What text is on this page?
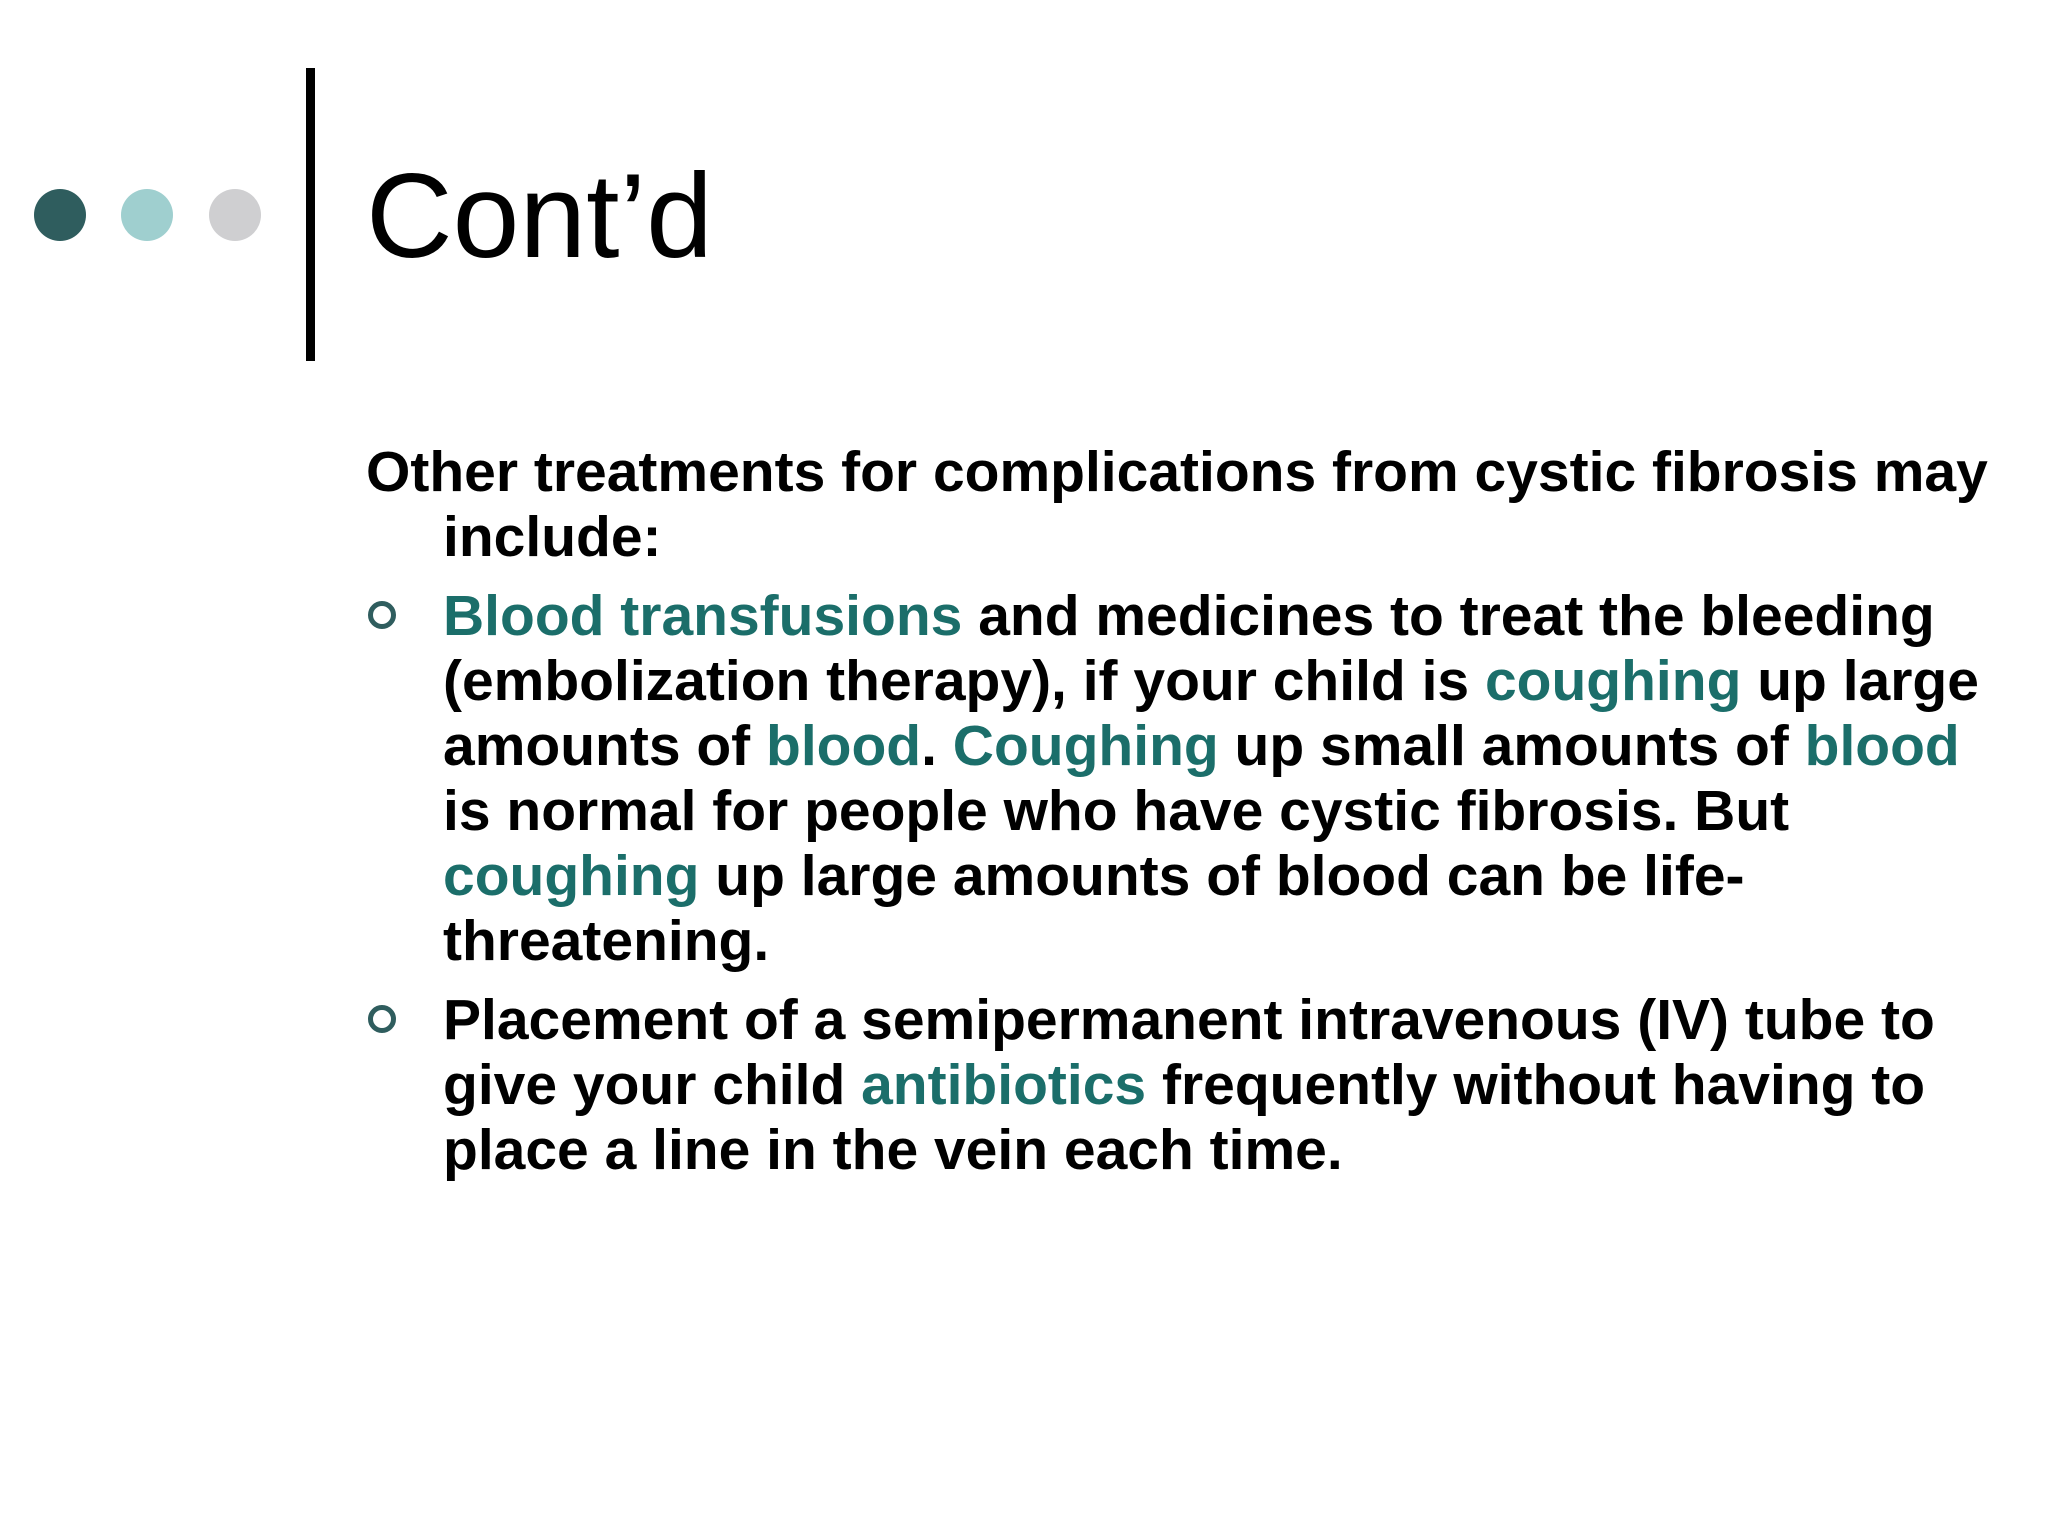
Cont’d

Other treatments for complications from cystic fibrosis may include:

Blood transfusions and medicines to treat the bleeding (embolization therapy), if your child is coughing up large amounts of blood. Coughing up small amounts of blood is normal for people who have cystic fibrosis. But coughing up large amounts of blood can be life-threatening.
Placement of a semipermanent intravenous (IV) tube to give your child antibiotics frequently without having to place a line in the vein each time.
